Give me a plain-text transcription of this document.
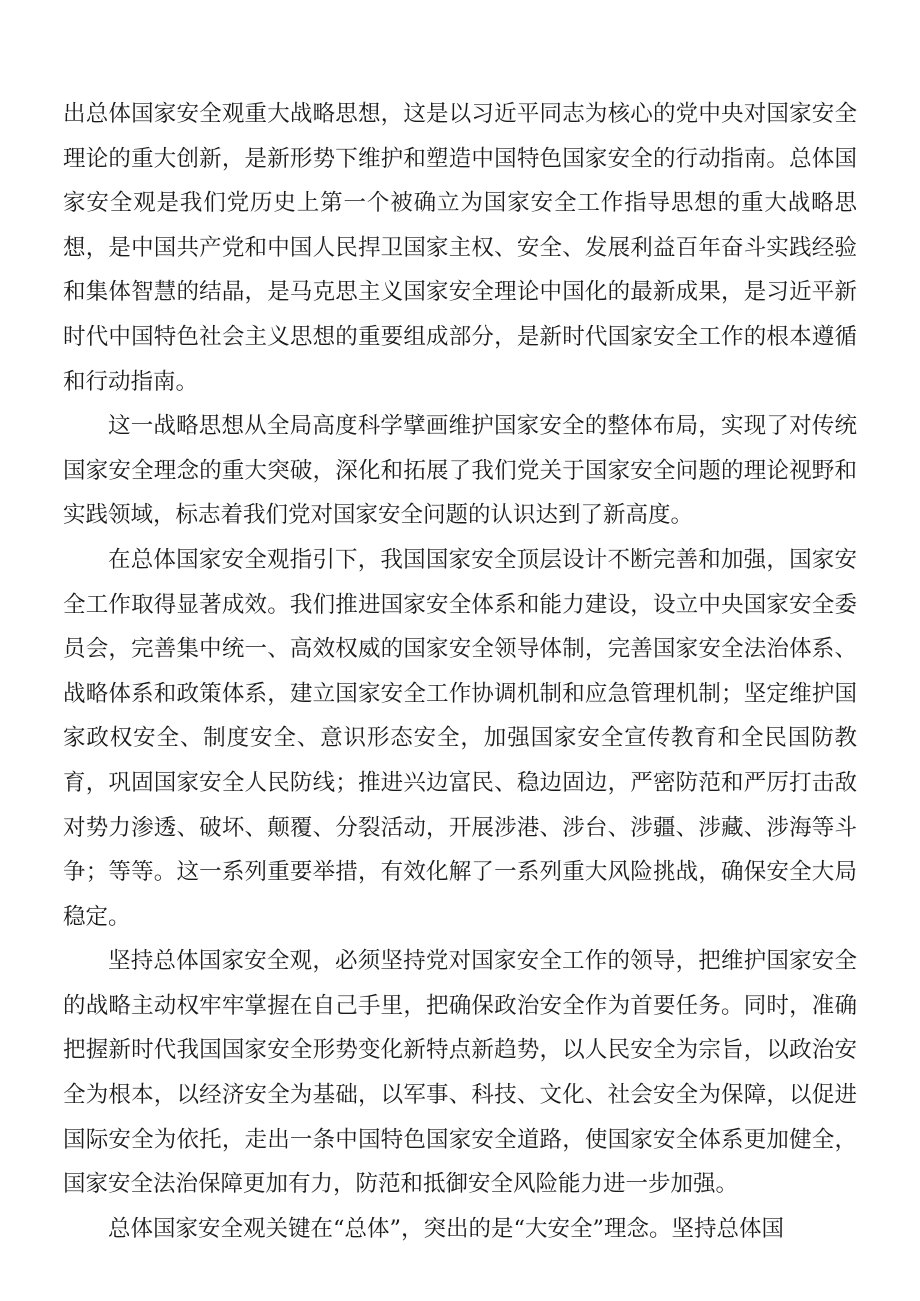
出总体国家安全观重大战略思想，这是以习近平同志为核心的党中央对国家安全理论的重大创新，是新形势下维护和塑造中国特色国家安全的行动指南。总体国家安全观是我们党历史上第一个被确立为国家安全工作指导思想的重大战略思想，是中国共产党和中国人民捍卫国家主权、安全、发展利益百年奋斗实践经验和集体智慧的结晶，是马克思主义国家安全理论中国化的最新成果，是习近平新时代中国特色社会主义思想的重要组成部分，是新时代国家安全工作的根本遵循和行动指南。

这一战略思想从全局高度科学擘画维护国家安全的整体布局，实现了对传统国家安全理念的重大突破，深化和拓展了我们党关于国家安全问题的理论视野和实践领域，标志着我们党对国家安全问题的认识达到了新高度。

在总体国家安全观指引下，我国国家安全顶层设计不断完善和加强，国家安全工作取得显著成效。我们推进国家安全体系和能力建设，设立中央国家安全委员会，完善集中统一、高效权威的国家安全领导体制，完善国家安全法治体系、战略体系和政策体系，建立国家安全工作协调机制和应急管理机制；坚定维护国家政权安全、制度安全、意识形态安全，加强国家安全宣传教育和全民国防教育，巩固国家安全人民防线；推进兴边富民、稳边固边，严密防范和严厉打击敌对势力渗透、破坏、颠覆、分裂活动，开展涉港、涉台、涉疆、涉藏、涉海等斗争；等等。这一系列重要举措，有效化解了一系列重大风险挑战，确保安全大局稳定。

坚持总体国家安全观，必须坚持党对国家安全工作的领导，把维护国家安全的战略主动权牢牢掌握在自己手里，把确保政治安全作为首要任务。同时，准确把握新时代我国国家安全形势变化新特点新趋势，以人民安全为宗旨，以政治安全为根本，以经济安全为基础，以军事、科技、文化、社会安全为保障，以促进国际安全为依托，走出一条中国特色国家安全道路，使国家安全体系更加健全，国家安全法治保障更加有力，防范和抵御安全风险能力进一步加强。

总体国家安全观关键在“总体”，突出的是“大安全”理念。坚持总体国
